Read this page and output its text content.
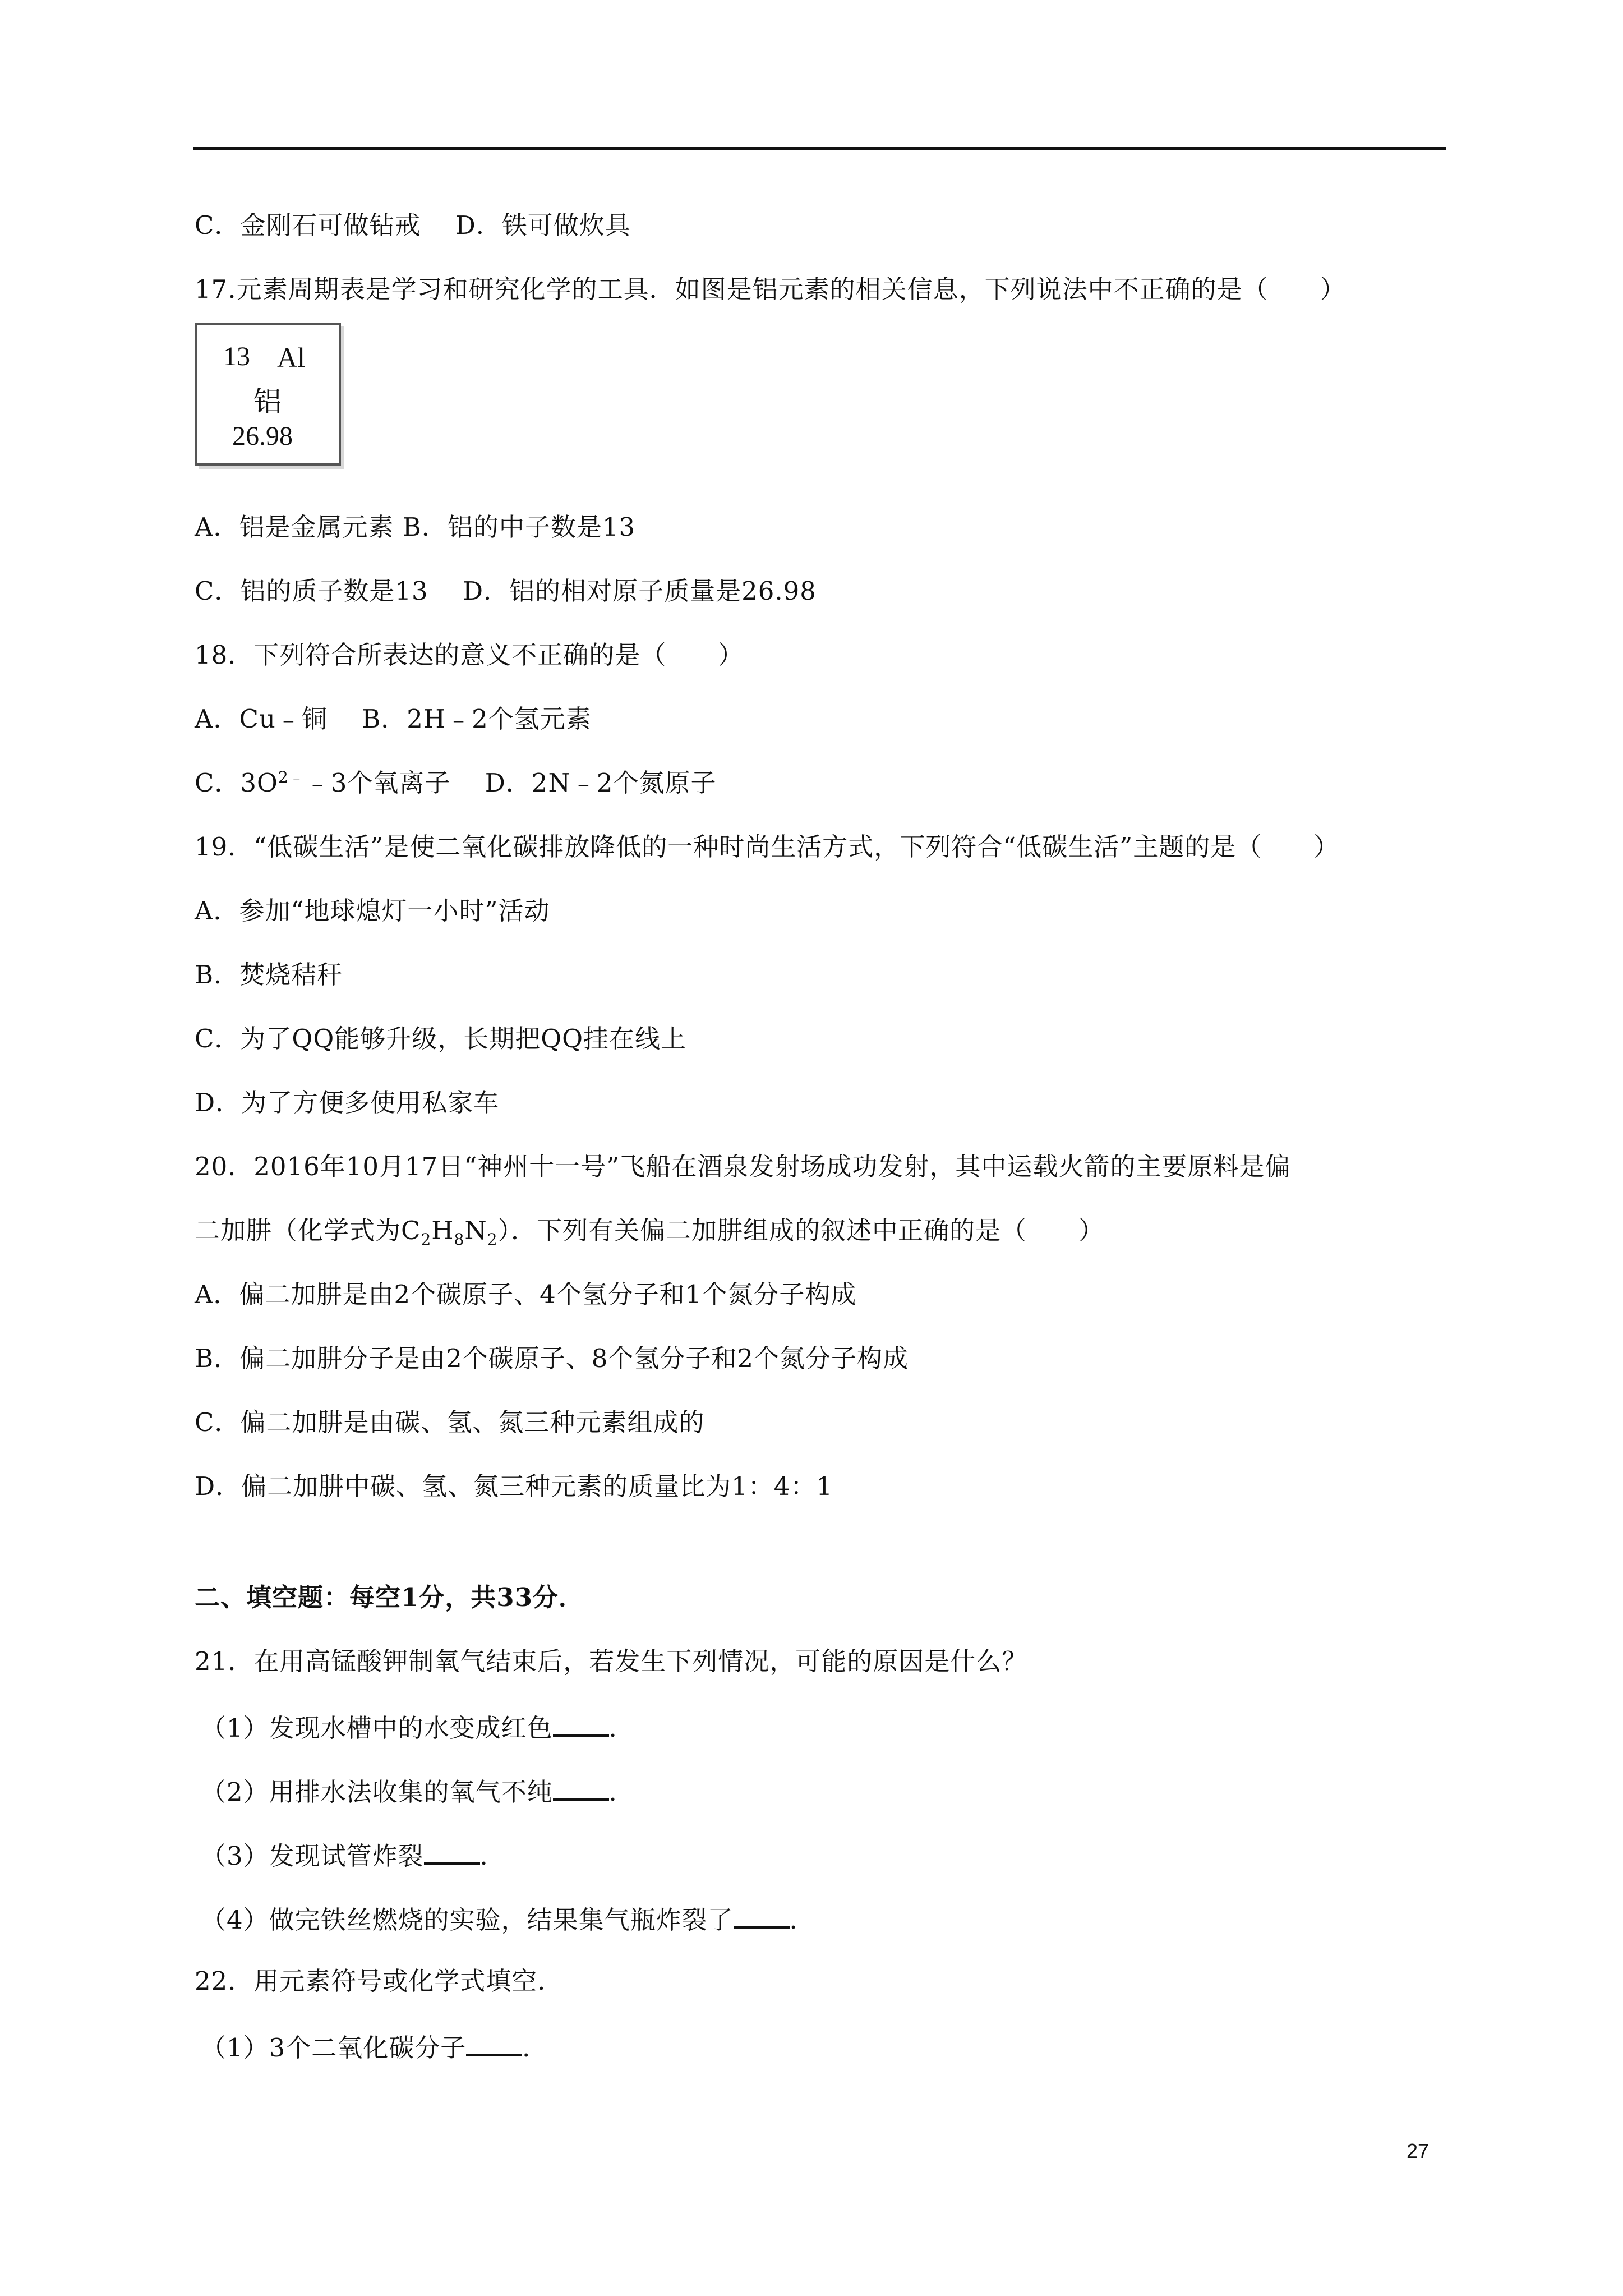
C．金刚石可做钻戒　 D．铁可做炊具
17.元素周期表是学习和研究化学的工具．如图是铝元素的相关信息，下列说法中不正确的是（　　）
13 Al
铝
26.98
A．铝是金属元素 B．铝的中子数是13
C．铝的质子数是13　 D．铝的相对原子质量是26.98
18．下列符合所表达的意义不正确的是（　　）
A．Cu﹣铜　 B．2H﹣2个氢元素
C．$3O^{2﹣}﹣3$个氧离子　 D．2N﹣2个氮原子
19．“低碳生活”是使二氧化碳排放降低的一种时尚生活方式，下列符合“低碳生活”主题的是（　　）
A．参加“地球熄灯一小时”活动
B．焚烧秸秆
C．为了QQ能够升级，长期把QQ挂在线上
D．为了方便多使用私家车
20．2016年10月17日“神州十一号”飞船在酒泉发射场成功发射，其中运载火箭的主要原料是偏
二加肼（化学式为$C_2H_8N_2$）．下列有关偏二加肼组成的叙述中正确的是（　　）
A．偏二加肼是由2个碳原子、4个氢分子和1个氮分子构成
B．偏二加肼分子是由2个碳原子、8个氢分子和2个氮分子构成
C．偏二加肼是由碳、氢、氮三种元素组成的
D．偏二加肼中碳、氢、氮三种元素的质量比为1：4：1
二、填空题：每空1分，共33分．
21．在用高锰酸钾制氧气结束后，若发生下列情况，可能的原因是什么？
（1）发现水槽中的水变成红色 ．
（2）用排水法收集的氧气不纯 ．
（3）发现试管炸裂 ．
（4）做完铁丝燃烧的实验，结果集气瓶炸裂了 ．
22．用元素符号或化学式填空．
（1）3个二氧化碳分子 ．
27
